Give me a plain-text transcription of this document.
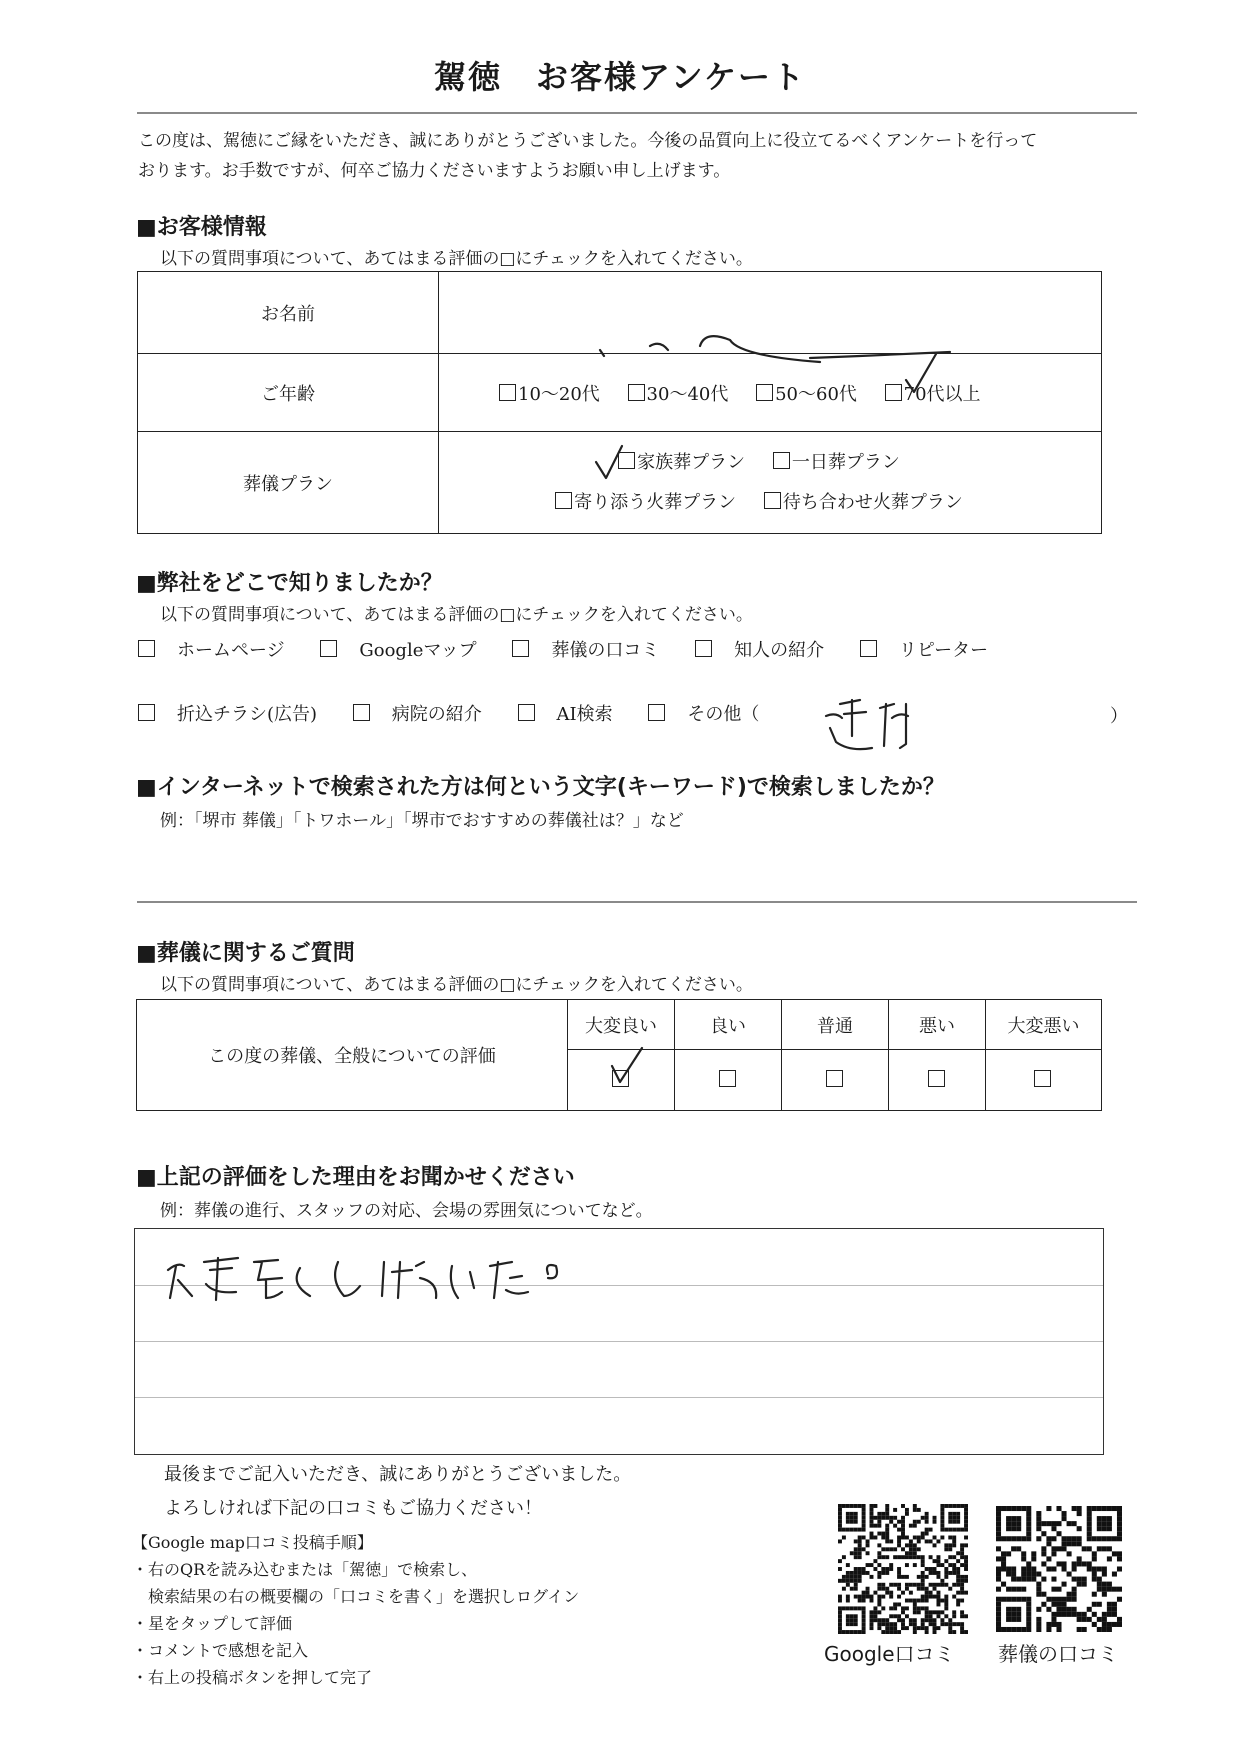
駕徳　お客様アンケート
この度は、駕徳にご縁をいただき、誠にありがとうございました。今後の品質向上に役立てるべくアンケートを行って
おります。お手数ですが、何卒ご協力くださいますようお願い申し上げます。
■お客様情報
以下の質問事項について、あてはまる評価の□にチェックを入れてください。
お名前	
ご年齢	10～20代 30～40代 50～60代 70代以上
葬儀プラン	家族葬プラン 一日葬プラン
寄り添う火葬プラン 待ち合わせ火葬プラン
■弊社をどこで知りましたか？
以下の質問事項について、あてはまる評価の□にチェックを入れてください。
ホームページ	Googleマップ	葬儀の口コミ	知人の紹介	リピーター
折込チラシ(広告)	病院の紹介	AI検索	その他（	）
■インターネットで検索された方は何という文字(キーワード)で検索しましたか？
例：「堺市 葬儀」「トワホール」「堺市でおすすめの葬儀社は？」など
■葬儀に関するご質問
以下の質問事項について、あてはまる評価の□にチェックを入れてください。
この度の葬儀、全般についての評価	大変良い	良い	普通	悪い	大変悪い

■上記の評価をした理由をお聞かせください
例：葬儀の進行、スタッフの対応、会場の雰囲気についてなど。
最後までご記入いただき、誠にありがとうございました。
よろしければ下記の口コミもご協力ください！
【Google map口コミ投稿手順】
・右のQRを読み込むまたは「駕徳」で検索し、
　検索結果の右の概要欄の「口コミを書く」を選択しログイン
・星をタップして評価
・コメントで感想を記入
・右上の投稿ボタンを押して完了
Google口コミ 葬儀の口コミ
